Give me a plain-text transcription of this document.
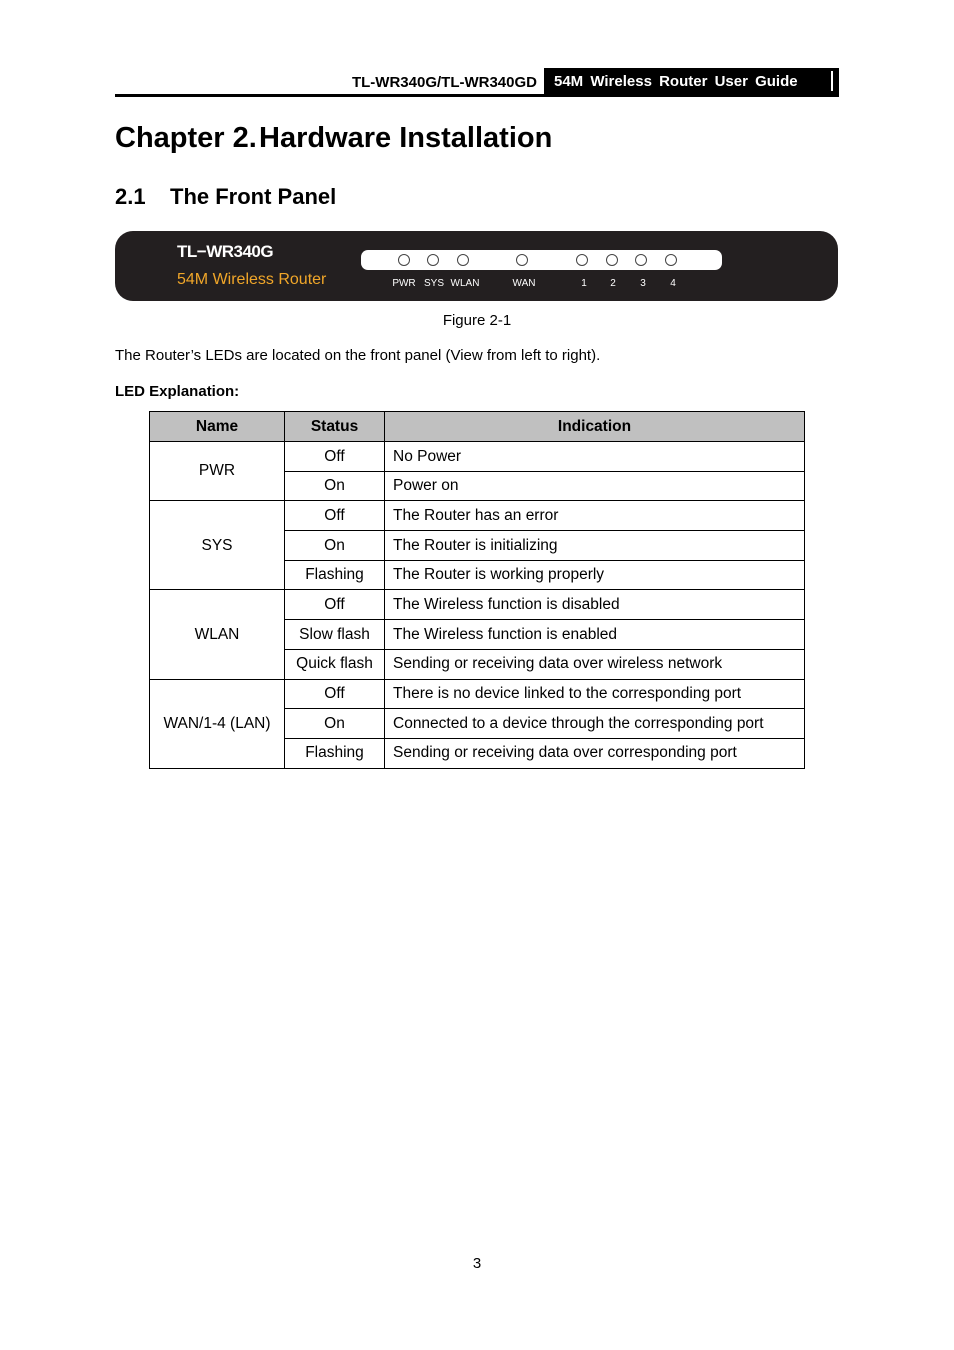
TL-WR340G/TL-WR340GD	54M Wireless Router User Guide
Chapter 2.Hardware Installation
2.1 The Front Panel
TL−WR340G
54M Wireless Router	PWR SYS WLAN	WAN	1 2 3 4
Figure 2-1
The Router’s LEDs are located on the front panel (View from left to right).
LED Explanation:
Name	Status	Indication
PWR	Off	No Power
	On	Power on
SYS	Off	The Router has an error
	On	The Router is initializing
	Flashing	The Router is working properly
WLAN	Off	The Wireless function is disabled
	Slow flash	The Wireless function is enabled
	Quick flash	Sending or receiving data over wireless network
WAN/1-4 (LAN)	Off	There is no device linked to the corresponding port
	On	Connected to a device through the corresponding port
	Flashing	Sending or receiving data over corresponding port
3
